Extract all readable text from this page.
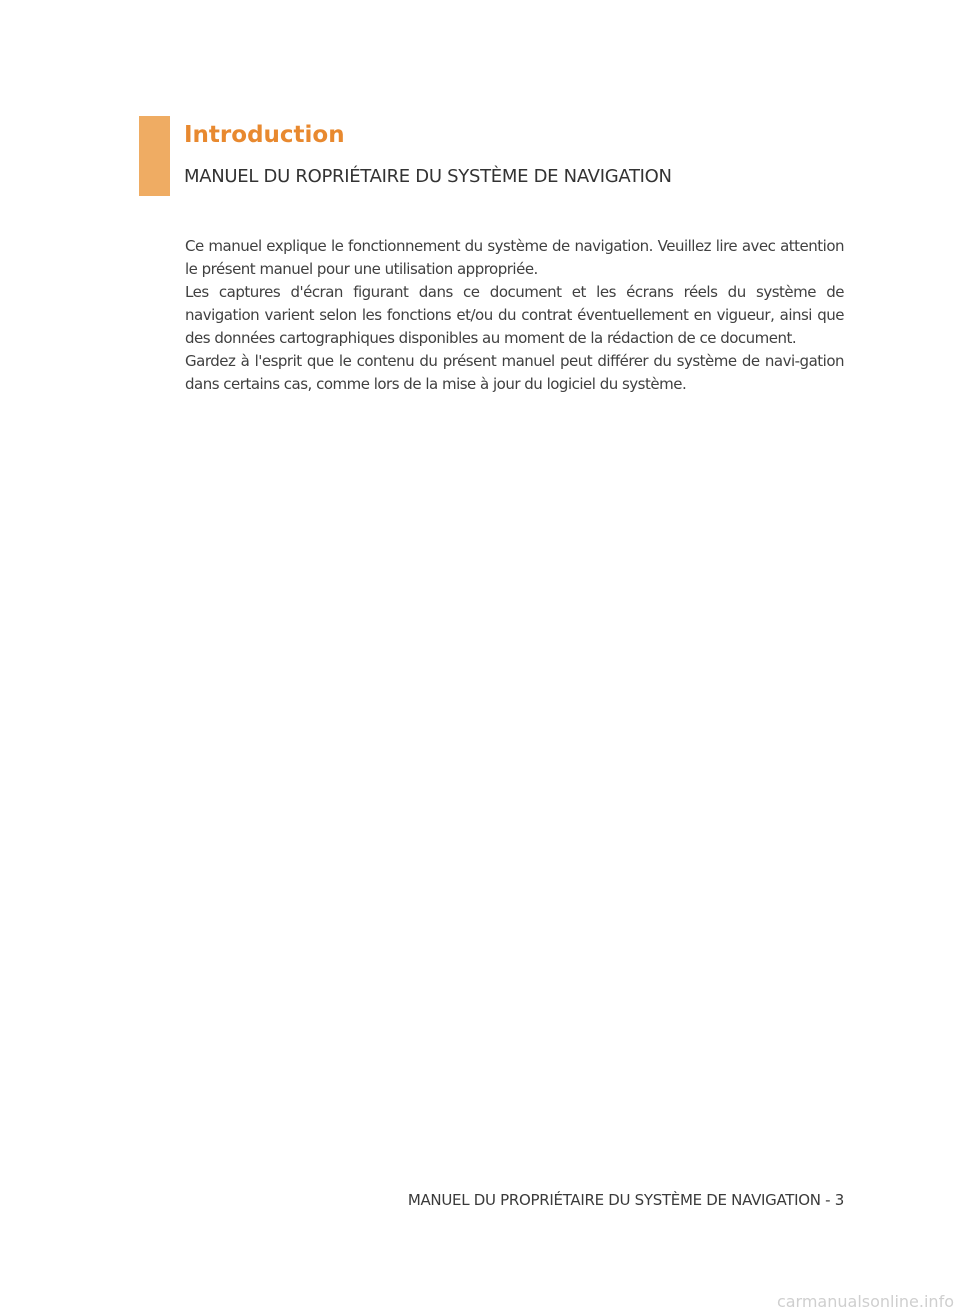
Introduction
MANUEL DU ROPRIÉTAIRE DU SYSTÈME DE NAVIGATION

Ce manuel explique le fonctionnement du système de navigation. Veuillez lire avec attention le présent manuel pour une utilisation appropriée.

Les captures d'écran figurant dans ce document et les écrans réels du système de navigation varient selon les fonctions et/ou du contrat éventuellement en vigueur, ainsi que des données cartographiques disponibles au moment de la rédaction de ce document.

Gardez à l'esprit que le contenu du présent manuel peut différer du système de navi-gation dans certains cas, comme lors de la mise à jour du logiciel du système.

MANUEL DU PROPRIÉTAIRE DU SYSTÈME DE NAVIGATION - 3
carmanualsonline.info
